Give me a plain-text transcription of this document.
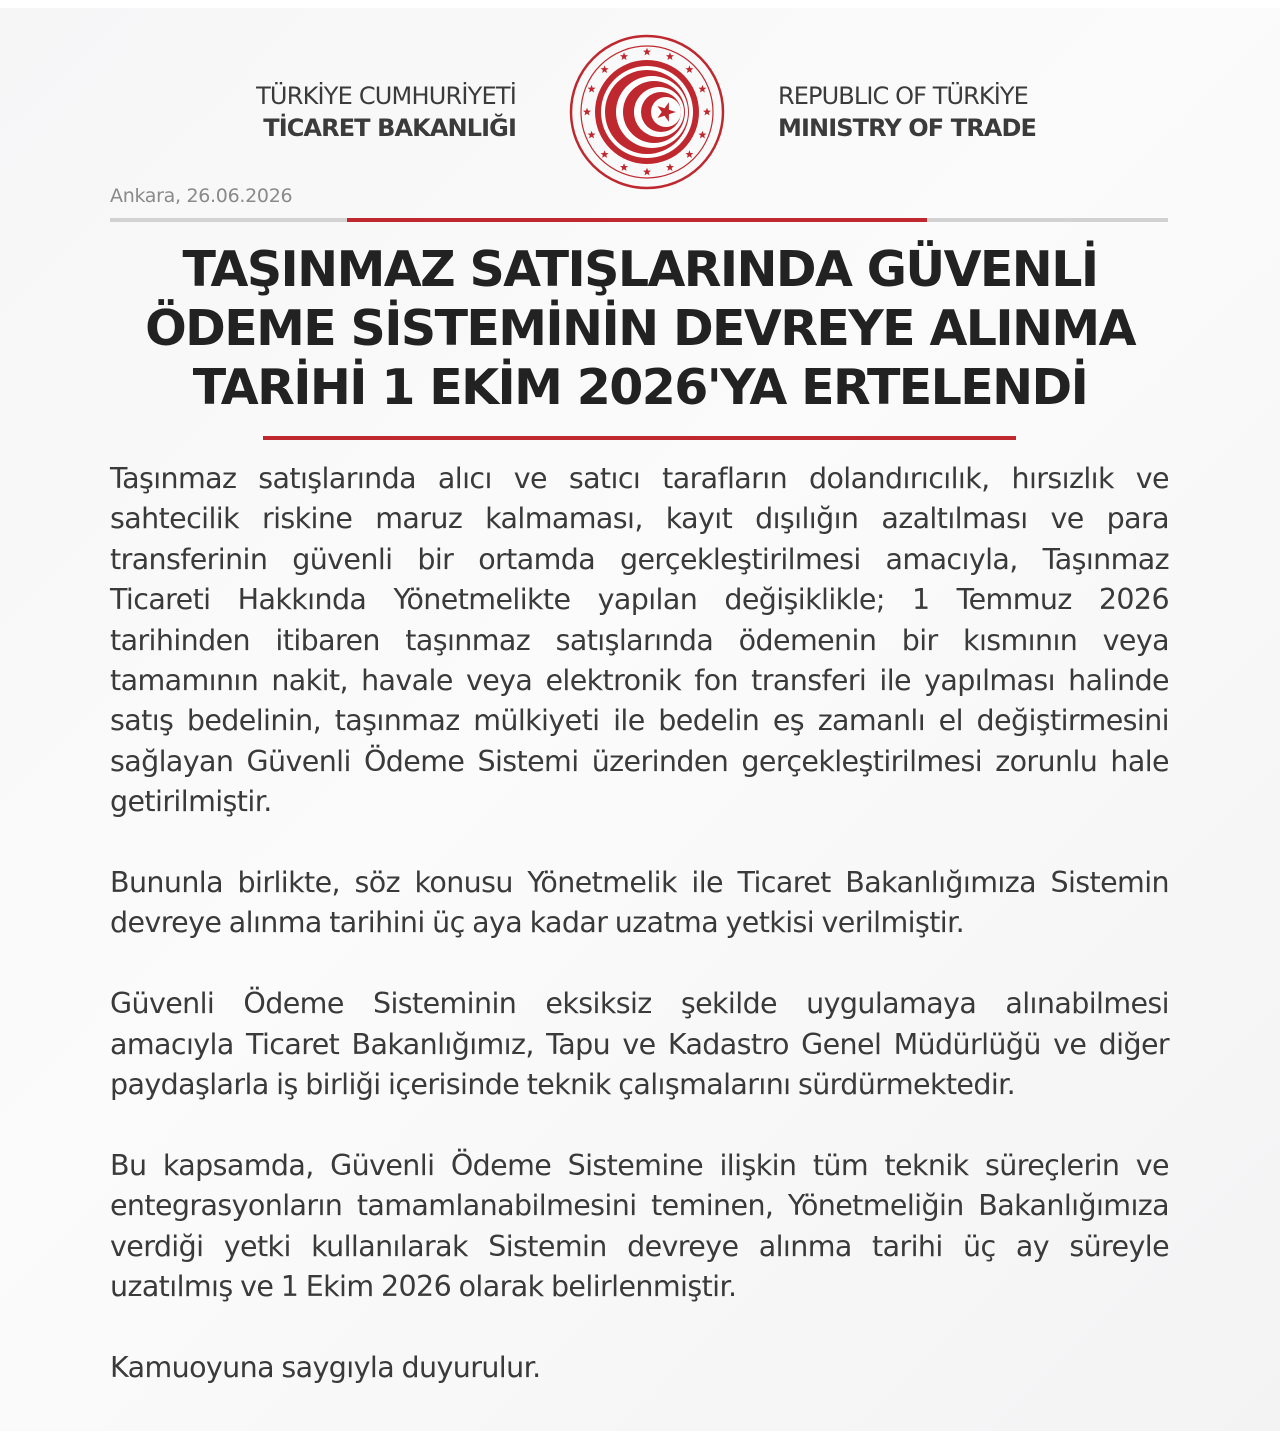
TÜRKİYE CUMHURİYETİ
TİCARET BAKANLIĞI
REPUBLIC OF TÜRKİYE
MINISTRY OF TRADE
Ankara, 26.06.2026
TAŞINMAZ SATIŞLARINDA GÜVENLİ
ÖDEME SİSTEMİNİN DEVREYE ALINMA
TARİHİ 1 EKİM 2026'YA ERTELENDİ

Taşınmaz satışlarında alıcı ve satıcı tarafların dolandırıcılık, hırsızlık ve sahtecilik riskine maruz kalmaması, kayıt dışılığın azaltılması ve para transferinin güvenli bir ortamda gerçekleştirilmesi amacıyla, Taşınmaz Ticareti Hakkında Yönetmelikte yapılan değişiklikle; 1 Temmuz 2026 tarihinden itibaren taşınmaz satışlarında ödemenin bir kısmının veya tamamının nakit, havale veya elektronik fon transferi ile yapılması halinde satış bedelinin, taşınmaz mülkiyeti ile bedelin eş zamanlı el değiştirmesini sağlayan Güvenli Ödeme Sistemi üzerinden gerçekleştirilmesi zorunlu hale getirilmiştir.

Bununla birlikte, söz konusu Yönetmelik ile Ticaret Bakanlığımıza Sistemin devreye alınma tarihini üç aya kadar uzatma yetkisi verilmiştir.

Güvenli Ödeme Sisteminin eksiksiz şekilde uygulamaya alınabilmesi amacıyla Ticaret Bakanlığımız, Tapu ve Kadastro Genel Müdürlüğü ve diğer paydaşlarla iş birliği içerisinde teknik çalışmalarını sürdürmektedir.

Bu kapsamda, Güvenli Ödeme Sistemine ilişkin tüm teknik süreçlerin ve entegrasyonların tamamlanabilmesini teminen, Yönetmeliğin Bakanlığımıza verdiği yetki kullanılarak Sistemin devreye alınma tarihi üç ay süreyle uzatılmış ve 1 Ekim 2026 olarak belirlenmiştir.

Kamuoyuna saygıyla duyurulur.
